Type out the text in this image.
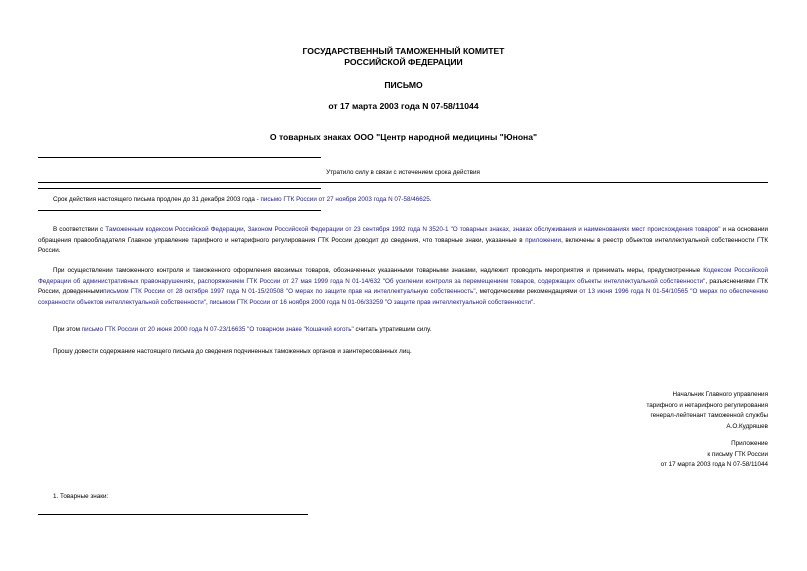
ГОСУДАРСТВЕННЫЙ ТАМОЖЕННЫЙ КОМИТЕТ
РОССИЙСКОЙ ФЕДЕРАЦИИ
ПИСЬМО
от 17 марта 2003 года N 07-58/11044
О товарных знаках ООО "Центр народной медицины "Юнона"
Утратило силу в связи с истечением срока действия
Срок действия настоящего письма продлен до 31 декабря 2003 года - письмо ГТК России от 27 ноября 2003 года N 07-58/46625.
В соответствии с Таможенным кодексом Российской Федерации, Законом Российской Федерации от 23 сентября 1992 года N 3520-1 "О товарных знаках, знаках обслуживания и наименованиях мест происхождения товаров" и на основании обращения правообладателя Главное управление тарифного и нетарифного регулирования ГТК России доводит до сведения, что товарные знаки, указанные в приложении, включены в реестр объектов интеллектуальной собственности ГТК России.
При осуществлении таможенного контроля и таможенного оформления ввозимых товаров, обозначенных указанными товарными знаками, надлежит проводить мероприятия и принимать меры, предусмотренные Кодексом Российской Федерации об административных правонарушениях, распоряжением ГТК России от 27 мая 1999 года N 01-14/632 "Об усилении контроля за перемещением товаров, содержащих объекты интеллектуальной собственности", разъяснениями ГТК России, доведеннымиписьмом ГТК России от 28 октября 1997 года N 01-15/20508 "О мерах по защите прав на интеллектуальную собственность", методическими рекомендациями от 13 июня 1996 года N 01-54/10565 "О мерах по обеспечению сохранности объектов интеллектуальной собственности", письмом ГТК России от 16 ноября 2000 года N 01-06/33259 "О защите прав интеллектуальной собственности".
При этом письмо ГТК России от 20 июня 2000 года N 07-23/16635 "О товарном знаке "Кошачий коготь" считать утратившим силу.
Прошу довести содержание настоящего письма до сведения подчиненных таможенных органов и заинтересованных лиц.
Начальник Главного управления
тарифного и нетарифного регулирования
генерал-лейтенант таможенной службы
А.О.Кудряшев
Приложение
к письму ГТК России
от 17 марта 2003 года N 07-58/11044
1. Товарные знаки:
